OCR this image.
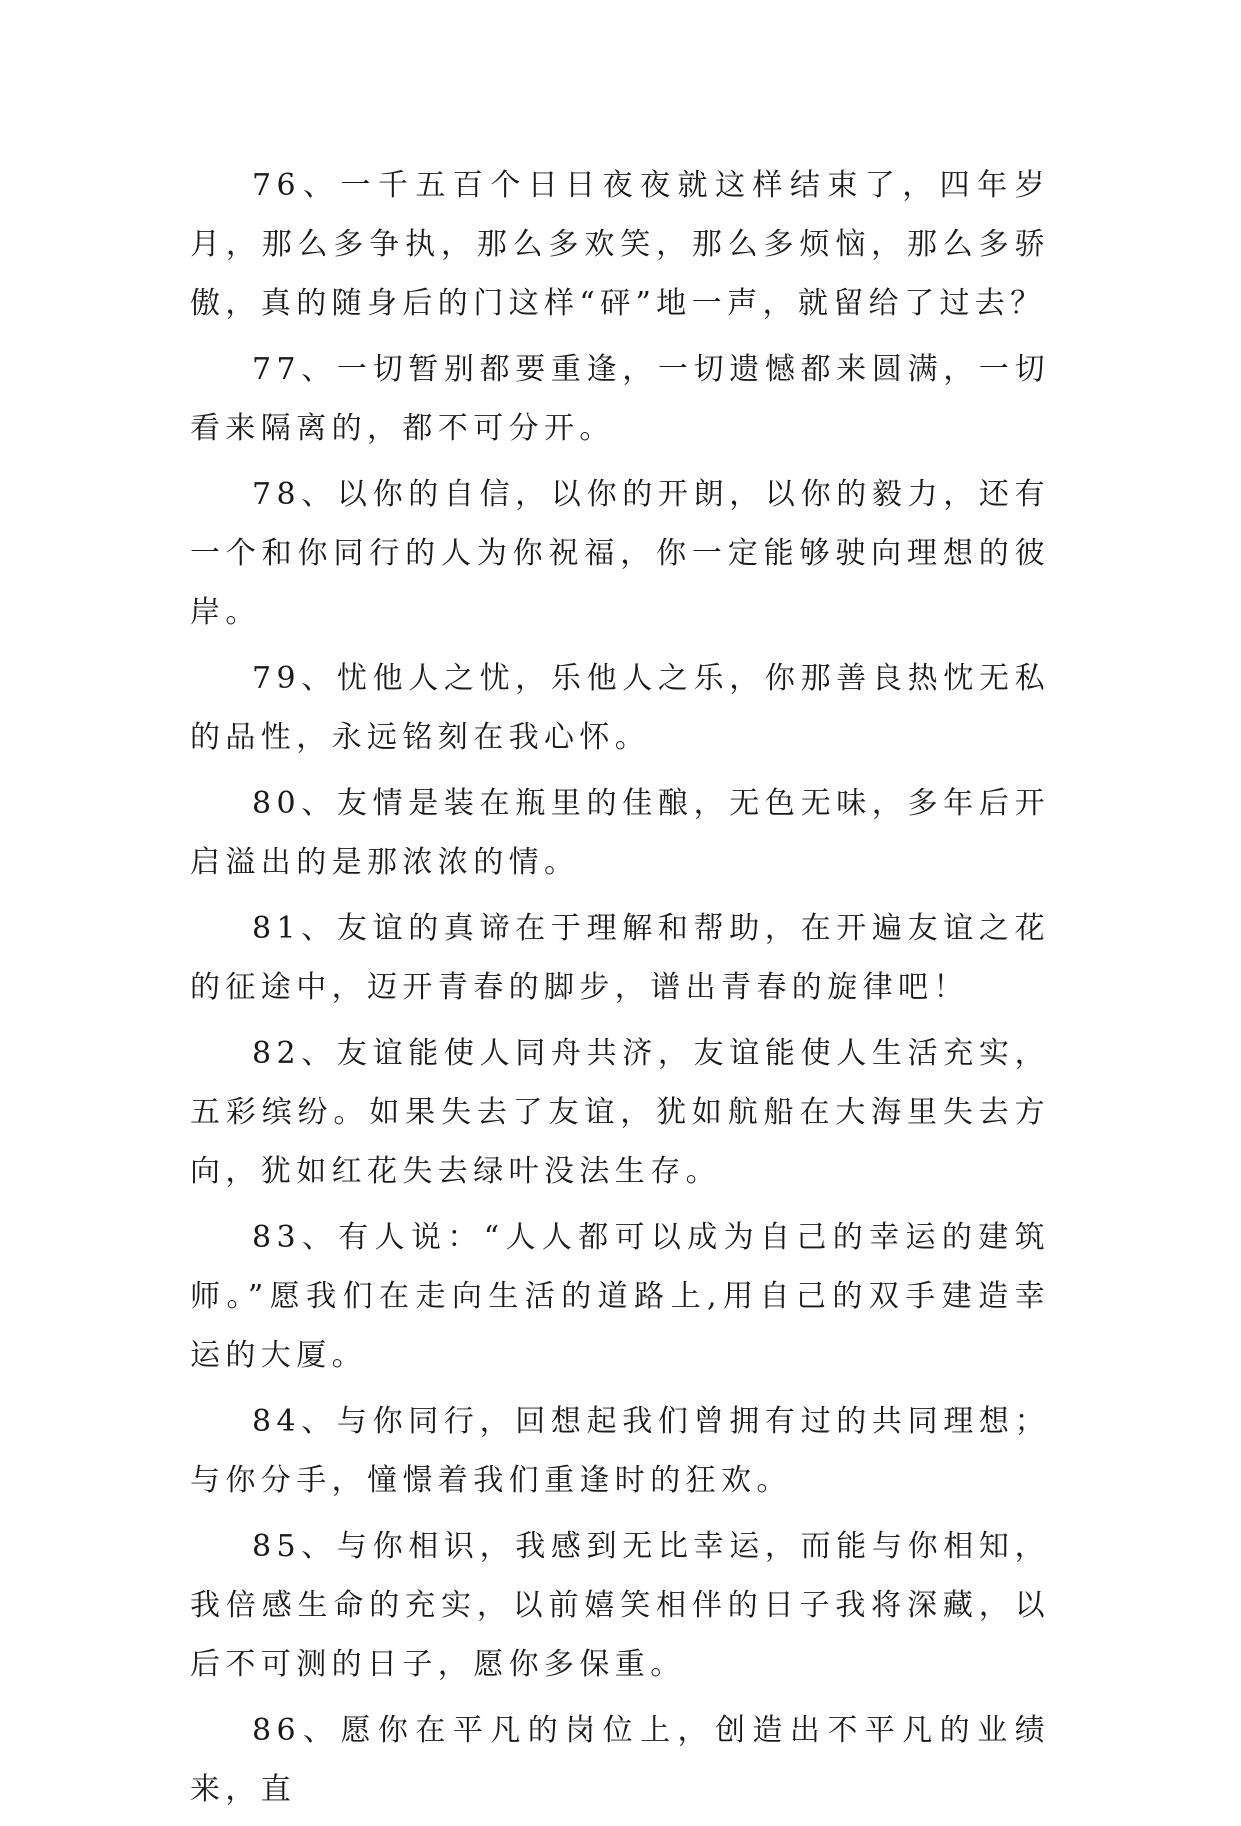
76、一千五百个日日夜夜就这样结束了，四年岁月，那么多争执，那么多欢笑，那么多烦恼，那么多骄傲，真的随身后的门这样“砰”地一声，就留给了过去？

77、一切暂别都要重逢，一切遗憾都来圆满，一切看来隔离的，都不可分开。

78、以你的自信，以你的开朗，以你的毅力，还有一个和你同行的人为你祝福，你一定能够驶向理想的彼岸。

79、忧他人之忧，乐他人之乐，你那善良热忱无私的品性，永远铭刻在我心怀。

80、友情是装在瓶里的佳酿，无色无味，多年后开启溢出的是那浓浓的情。

81、友谊的真谛在于理解和帮助，在开遍友谊之花的征途中，迈开青春的脚步，谱出青春的旋律吧！

82、友谊能使人同舟共济，友谊能使人生活充实，五彩缤纷。如果失去了友谊，犹如航船在大海里失去方向，犹如红花失去绿叶没法生存。

83、有人说：“人人都可以成为自己的幸运的建筑师。”愿我们在走向生活的道路上,用自己的双手建造幸运的大厦。

84、与你同行，回想起我们曾拥有过的共同理想；与你分手，憧憬着我们重逢时的狂欢。

85、与你相识，我感到无比幸运，而能与你相知，我倍感生命的充实，以前嬉笑相伴的日子我将深藏，以后不可测的日子，愿你多保重。

86、愿你在平凡的岗位上，创造出不平凡的业绩来，直
